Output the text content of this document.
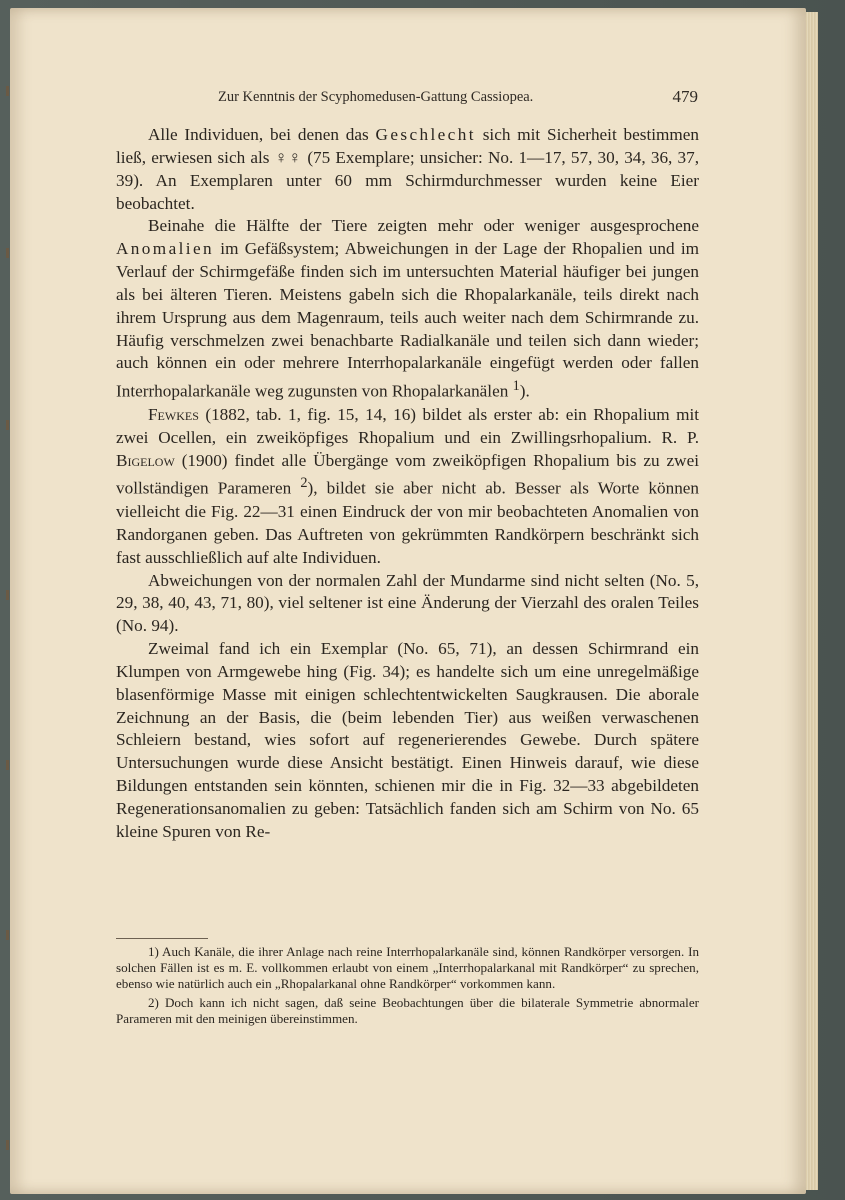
Zur Kenntnis der Scyphomedusen-Gattung Cassiopea.	479

Alle Individuen, bei denen das Geschlecht sich mit Sicherheit bestimmen ließ, erwiesen sich als ♀♀ (75 Exemplare; unsicher: No. 1—17, 57, 30, 34, 36, 37, 39). An Exemplaren unter 60 mm Schirmdurchmesser wurden keine Eier beobachtet.

Beinahe die Hälfte der Tiere zeigten mehr oder weniger ausgesprochene Anomalien im Gefäßsystem; Abweichungen in der Lage der Rhopalien und im Verlauf der Schirmgefäße finden sich im untersuchten Material häufiger bei jungen als bei älteren Tieren. Meistens gabeln sich die Rhopalarkanäle, teils direkt nach ihrem Ursprung aus dem Magenraum, teils auch weiter nach dem Schirmrande zu. Häufig verschmelzen zwei benachbarte Radialkanäle und teilen sich dann wieder; auch können ein oder mehrere Interrhopalarkanäle eingefügt werden oder fallen Interrhopalarkanäle weg zugunsten von Rhopalarkanälen $^1$).

Fewkes (1882, tab. 1, fig. 15, 14, 16) bildet als erster ab: ein Rhopalium mit zwei Ocellen, ein zweiköpfiges Rhopalium und ein Zwillingsrhopalium. R. P. Bigelow (1900) findet alle Übergänge vom zweiköpfigen Rhopalium bis zu zwei vollständigen Parameren $^2$), bildet sie aber nicht ab. Besser als Worte können vielleicht die Fig. 22—31 einen Eindruck der von mir beobachteten Anomalien von Randorganen geben. Das Auftreten von gekrümmten Randkörpern beschränkt sich fast ausschließlich auf alte Individuen.

Abweichungen von der normalen Zahl der Mundarme sind nicht selten (No. 5, 29, 38, 40, 43, 71, 80), viel seltener ist eine Änderung der Vierzahl des oralen Teiles (No. 94).

Zweimal fand ich ein Exemplar (No. 65, 71), an dessen Schirmrand ein Klumpen von Armgewebe hing (Fig. 34); es handelte sich um eine unregelmäßige blasenförmige Masse mit einigen schlechtentwickelten Saugkrausen. Die aborale Zeichnung an der Basis, die (beim lebenden Tier) aus weißen verwaschenen Schleiern bestand, wies sofort auf regenerierendes Gewebe. Durch spätere Untersuchungen wurde diese Ansicht bestätigt. Einen Hinweis darauf, wie diese Bildungen entstanden sein könnten, schienen mir die in Fig. 32—33 abgebildeten Regenerationsanomalien zu geben: Tatsächlich fanden sich am Schirm von No. 65 kleine Spuren von Re-

1) Auch Kanäle, die ihrer Anlage nach reine Interrhopalarkanäle sind, können Randkörper versorgen. In solchen Fällen ist es m. E. vollkommen erlaubt von einem „Interrhopalarkanal mit Randkörper“ zu sprechen, ebenso wie natürlich auch ein „Rhopalarkanal ohne Randkörper“ vorkommen kann.

2) Doch kann ich nicht sagen, daß seine Beobachtungen über die bilaterale Symmetrie abnormaler Parameren mit den meinigen übereinstimmen.
